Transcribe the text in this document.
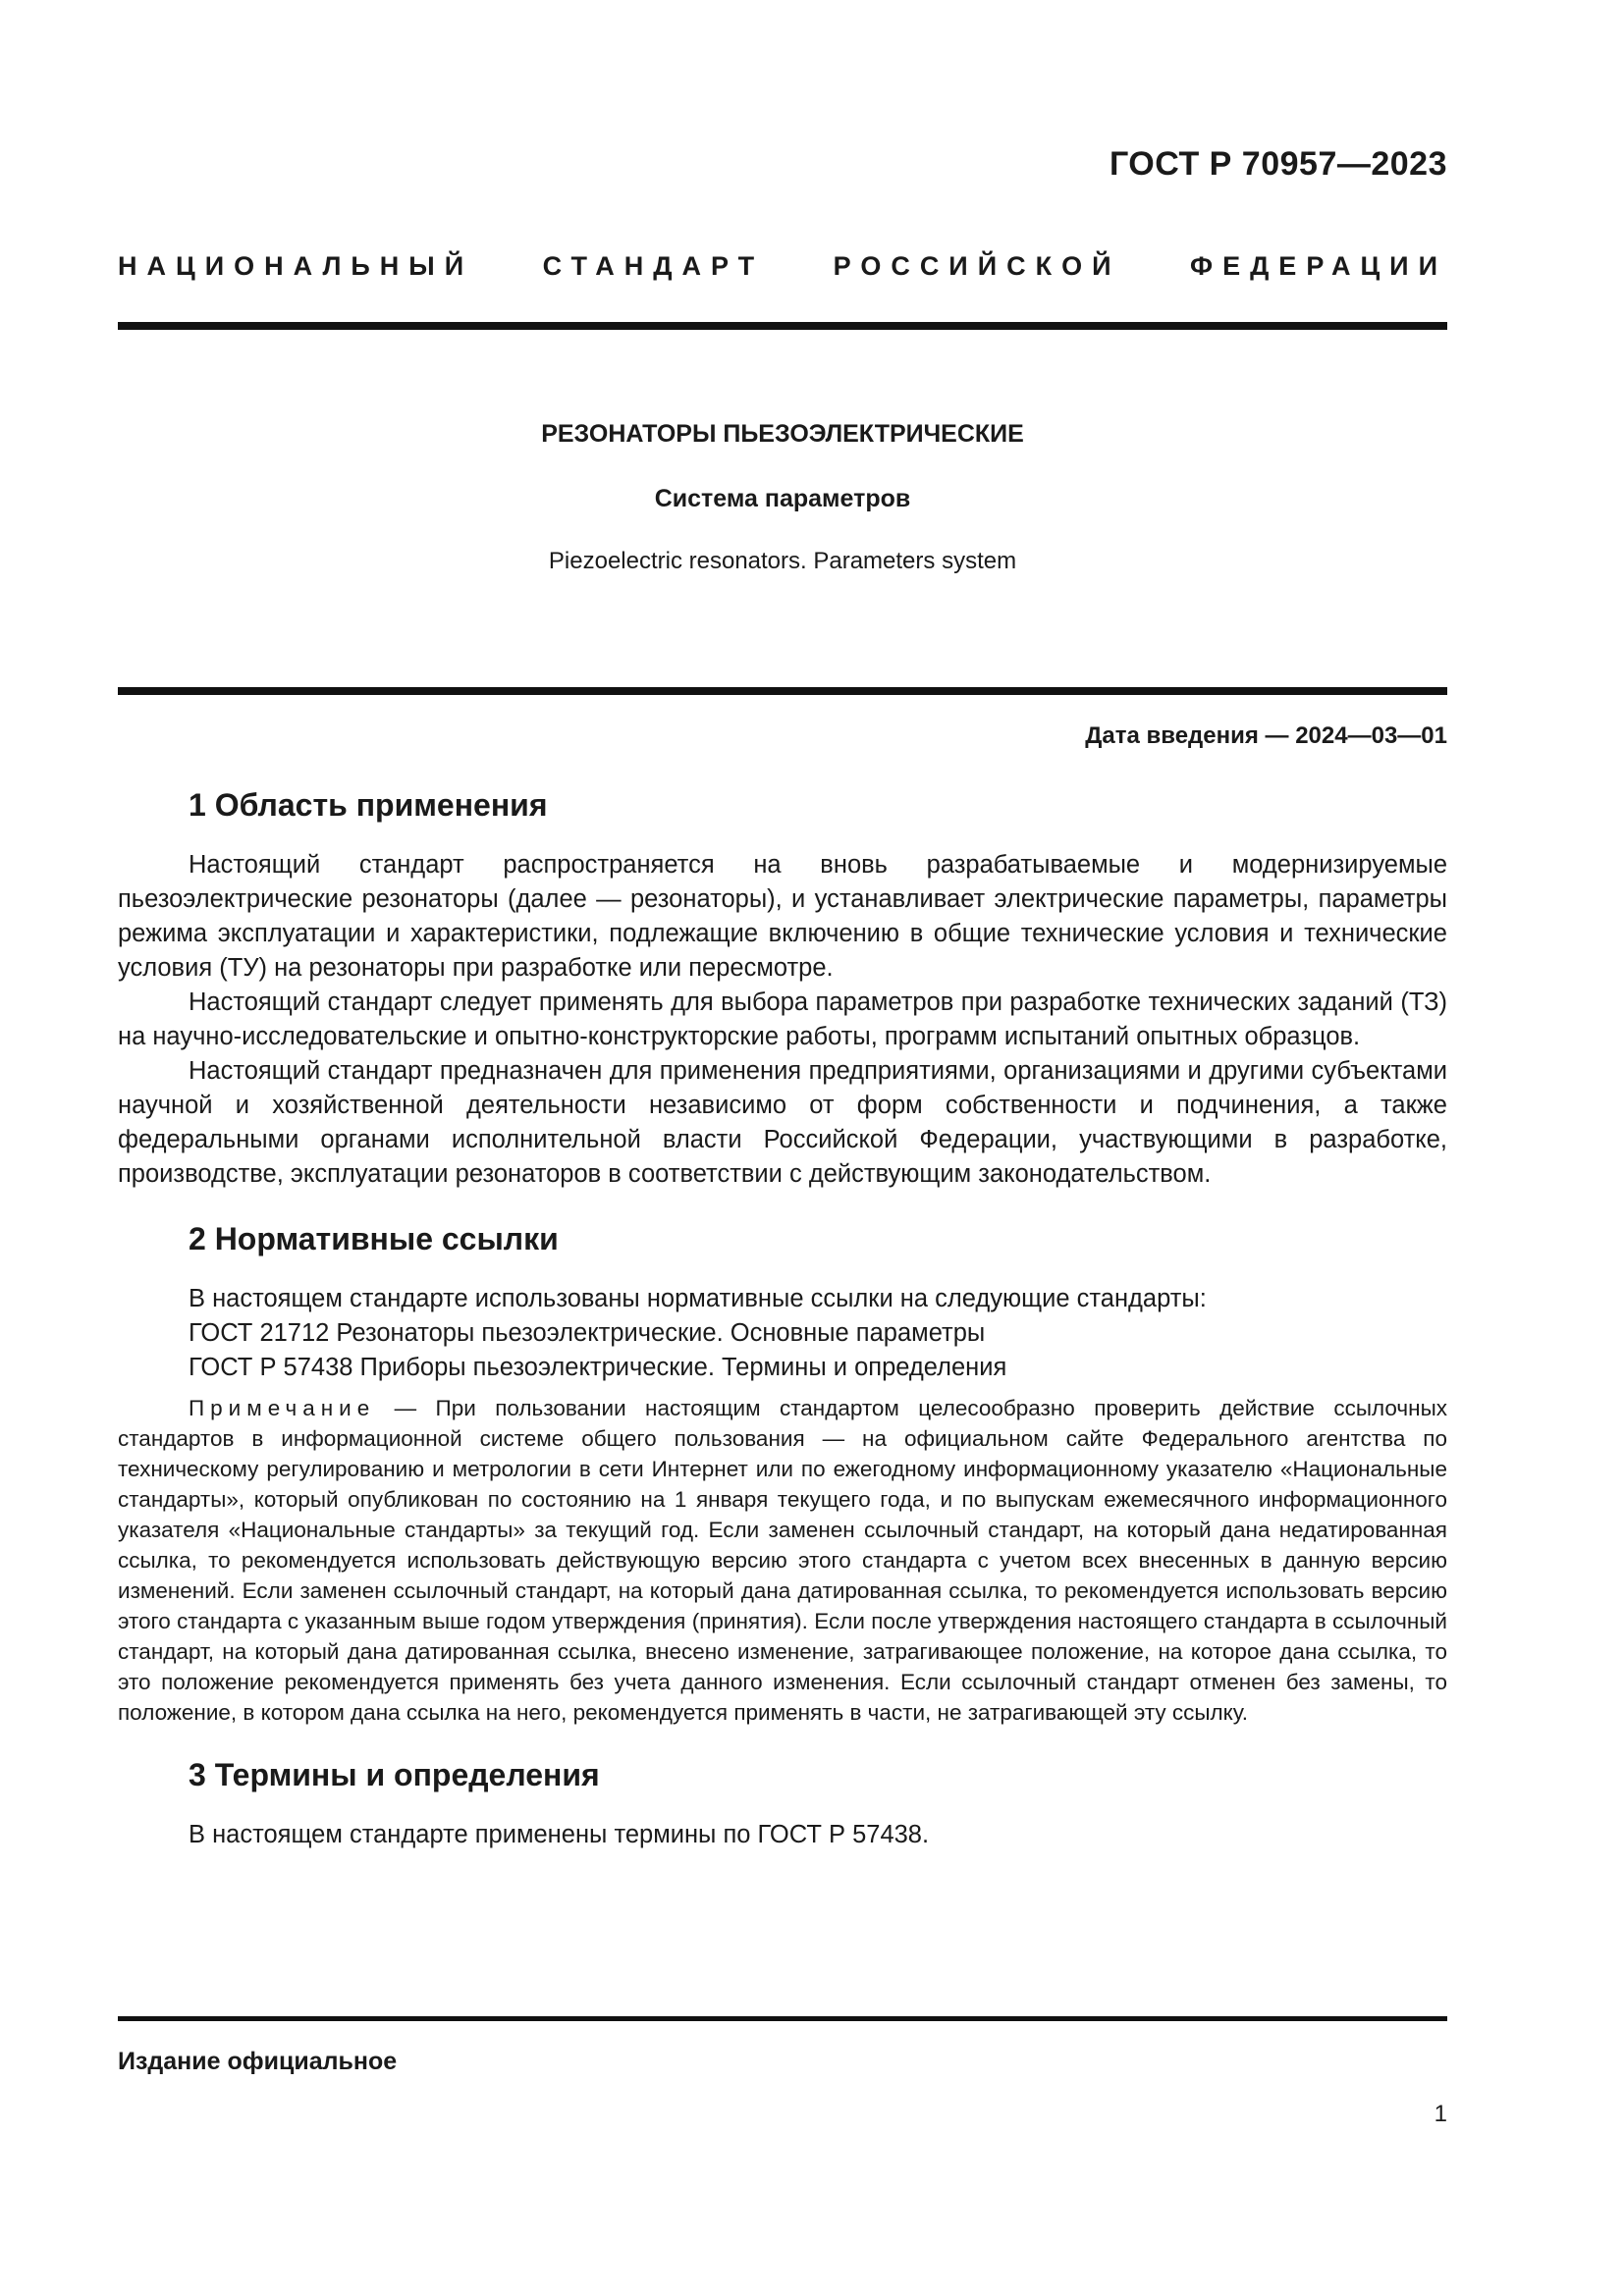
ГОСТ Р 70957—2023
НАЦИОНАЛЬНЫЙ СТАНДАРТ РОССИЙСКОЙ ФЕДЕРАЦИИ
РЕЗОНАТОРЫ ПЬЕЗОЭЛЕКТРИЧЕСКИЕ
Система параметров
Piezoelectric resonators. Parameters system
Дата введения — 2024—03—01
1 Область применения

Настоящий стандарт распространяется на вновь разрабатываемые и модернизируемые пьезоэлектрические резонаторы (далее — резонаторы), и устанавливает электрические параметры, параметры режима эксплуатации и характеристики, подлежащие включению в общие технические условия и технические условия (ТУ) на резонаторы при разработке или пересмотре.

Настоящий стандарт следует применять для выбора параметров при разработке технических заданий (ТЗ) на научно-исследовательские и опытно-конструкторские работы, программ испытаний опытных образцов.

Настоящий стандарт предназначен для применения предприятиями, организациями и другими субъектами научной и хозяйственной деятельности независимо от форм собственности и подчинения, а также федеральными органами исполнительной власти Российской Федерации, участвующими в разработке, производстве, эксплуатации резонаторов в соответствии с действующим законодательством.

2 Нормативные ссылки

В настоящем стандарте использованы нормативные ссылки на следующие стандарты:

ГОСТ 21712 Резонаторы пьезоэлектрические. Основные параметры

ГОСТ Р 57438 Приборы пьезоэлектрические. Термины и определения

Примечание — При пользовании настоящим стандартом целесообразно проверить действие ссылочных стандартов в информационной системе общего пользования — на официальном сайте Федерального агентства по техническому регулированию и метрологии в сети Интернет или по ежегодному информационному указателю «Национальные стандарты», который опубликован по состоянию на 1 января текущего года, и по выпускам ежемесячного информационного указателя «Национальные стандарты» за текущий год. Если заменен ссылочный стандарт, на который дана недатированная ссылка, то рекомендуется использовать действующую версию этого стандарта с учетом всех внесенных в данную версию изменений. Если заменен ссылочный стандарт, на который дана датированная ссылка, то рекомендуется использовать версию этого стандарта с указанным выше годом утверждения (принятия). Если после утверждения настоящего стандарта в ссылочный стандарт, на который дана датированная ссылка, внесено изменение, затрагивающее положение, на которое дана ссылка, то это положение рекомендуется применять без учета данного изменения. Если ссылочный стандарт отменен без замены, то положение, в котором дана ссылка на него, рекомендуется применять в части, не затрагивающей эту ссылку.

3 Термины и определения

В настоящем стандарте применены термины по ГОСТ Р 57438.

Издание официальное
1
